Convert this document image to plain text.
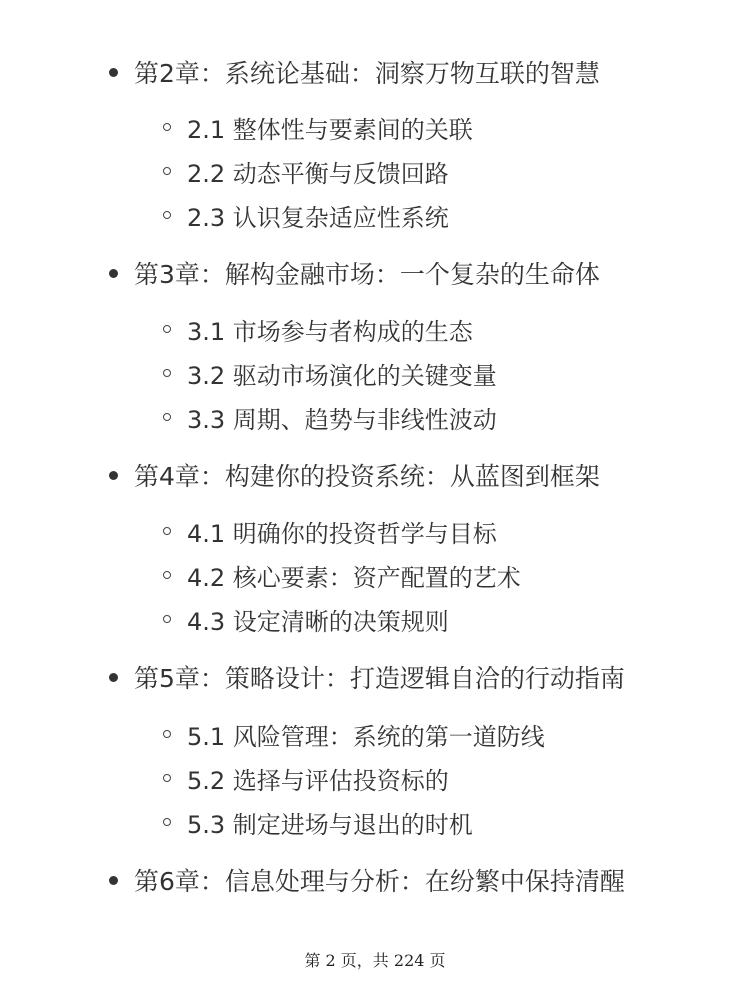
第2章：系统论基础：洞察万物互联的智慧
2.1 整体性与要素间的关联
2.2 动态平衡与反馈回路
2.3 认识复杂适应性系统
第3章：解构金融市场：一个复杂的生命体
3.1 市场参与者构成的生态
3.2 驱动市场演化的关键变量
3.3 周期、趋势与非线性波动
第4章：构建你的投资系统：从蓝图到框架
4.1 明确你的投资哲学与目标
4.2 核心要素：资产配置的艺术
4.3 设定清晰的决策规则
第5章：策略设计：打造逻辑自洽的行动指南
5.1 风险管理：系统的第一道防线
5.2 选择与评估投资标的
5.3 制定进场与退出的时机
第6章：信息处理与分析：在纷繁中保持清醒
第 2 页，共 224 页
